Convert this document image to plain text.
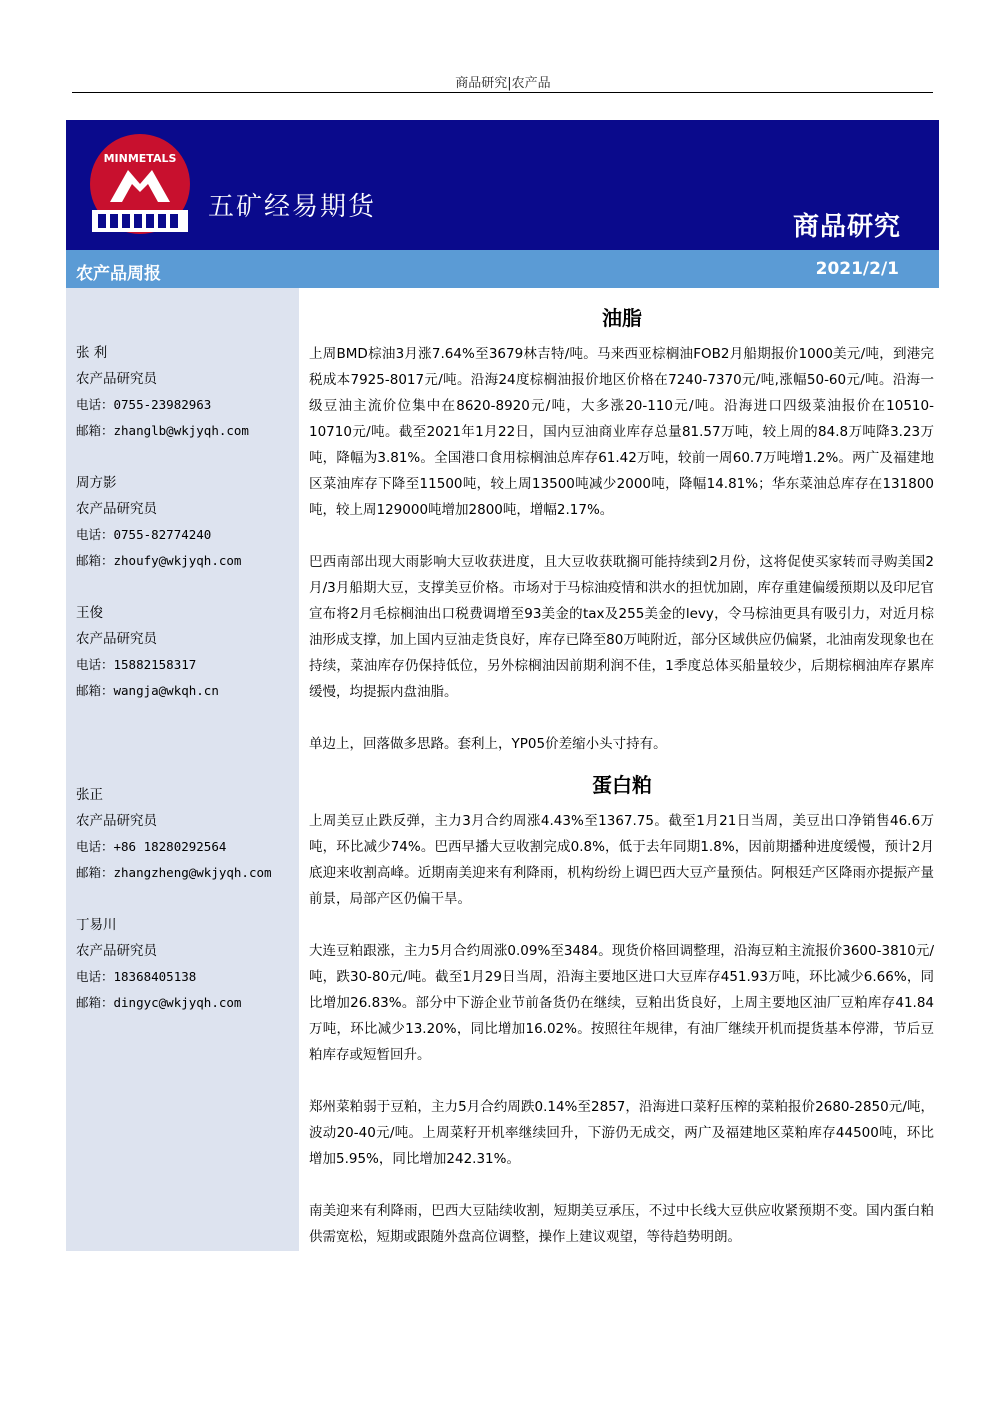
商品研究|农产品
MINMETALS
五矿经易期货
商品研究
农产品周报	2021/2/1
张 利
农产品研究员
电话：0755-23982963
邮箱：zhanglb@wkjyqh.com
周方影
农产品研究员
电话：0755-82774240
邮箱：zhoufy@wkjyqh.com
王俊
农产品研究员
电话：15882158317
邮箱：wangja@wkqh.cn
张正
农产品研究员
电话：+86 18280292564
邮箱：zhangzheng@wkjyqh.com
丁易川
农产品研究员
电话：18368405138
邮箱：dingyc@wkjyqh.com
油脂
上周BMD棕油3月涨7.64%至3679林吉特/吨。马来西亚棕榈油FOB2月船期报价1000美元/吨，到港完税成本7925-8017元/吨。沿海24度棕榈油报价地区价格在7240-7370元/吨,涨幅50-60元/吨。沿海一级豆油主流价位集中在8620-8920元/吨，大多涨20-110元/吨。沿海进口四级菜油报价在10510-10710元/吨。截至2021年1月22日，国内豆油商业库存总量81.57万吨，较上周的84.8万吨降3.23万吨，降幅为3.81%。全国港口食用棕榈油总库存61.42万吨，较前一周60.7万吨增1.2%。两广及福建地区菜油库存下降至11500吨，较上周13500吨减少2000吨，降幅14.81%；华东菜油总库存在131800吨，较上周129000吨增加2800吨，增幅2.17%。
巴西南部出现大雨影响大豆收获进度，且大豆收获耽搁可能持续到2月份，这将促使买家转而寻购美国2月/3月船期大豆，支撑美豆价格。市场对于马棕油疫情和洪水的担忧加剧，库存重建偏缓预期以及印尼官宣布将2月毛棕榈油出口税费调增至93美金的tax及255美金的levy，令马棕油更具有吸引力，对近月棕油形成支撑，加上国内豆油走货良好，库存已降至80万吨附近，部分区域供应仍偏紧，北油南发现象也在持续，菜油库存仍保持低位，另外棕榈油因前期利润不佳，1季度总体买船量较少，后期棕榈油库存累库缓慢，均提振内盘油脂。
单边上，回落做多思路。套利上，YP05价差缩小头寸持有。
蛋白粕
上周美豆止跌反弹，主力3月合约周涨4.43%至1367.75。截至1月21日当周，美豆出口净销售46.6万吨，环比减少74%。巴西早播大豆收割完成0.8%，低于去年同期1.8%，因前期播种进度缓慢，预计2月底迎来收割高峰。近期南美迎来有利降雨，机构纷纷上调巴西大豆产量预估。阿根廷产区降雨亦提振产量前景，局部产区仍偏干旱。
大连豆粕跟涨，主力5月合约周涨0.09%至3484。现货价格回调整理，沿海豆粕主流报价3600-3810元/吨，跌30-80元/吨。截至1月29日当周，沿海主要地区进口大豆库存451.93万吨，环比减少6.66%，同比增加26.83%。部分中下游企业节前备货仍在继续，豆粕出货良好，上周主要地区油厂豆粕库存41.84万吨，环比减少13.20%，同比增加16.02%。按照往年规律，有油厂继续开机而提货基本停滞，节后豆粕库存或短暂回升。
郑州菜粕弱于豆粕，主力5月合约周跌0.14%至2857，沿海进口菜籽压榨的菜粕报价2680-2850元/吨，波动20-40元/吨。上周菜籽开机率继续回升，下游仍无成交，两广及福建地区菜粕库存44500吨，环比增加5.95%，同比增加242.31%。
南美迎来有利降雨，巴西大豆陆续收割，短期美豆承压，不过中长线大豆供应收紧预期不变。国内蛋白粕供需宽松，短期或跟随外盘高位调整，操作上建议观望，等待趋势明朗。
